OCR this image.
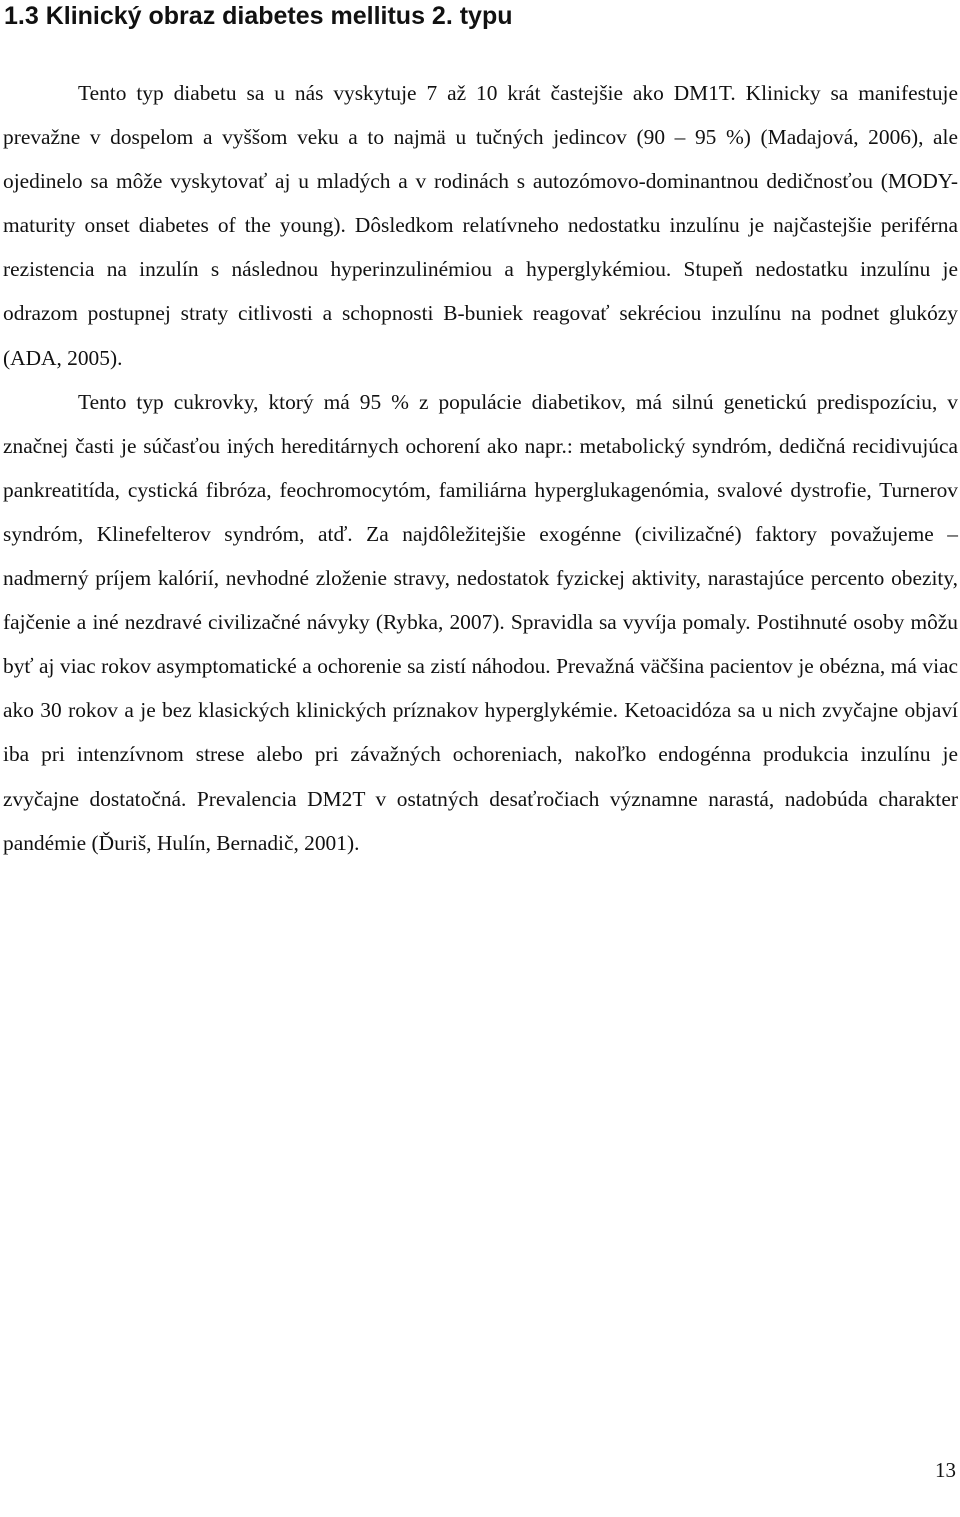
1.3 Klinický obraz diabetes mellitus 2. typu

Tento typ diabetu sa u nás vyskytuje 7 až 10 krát častejšie ako DM1T. Klinicky sa manifestuje prevažne v dospelom a vyššom veku a to najmä u tučných jedincov (90 – 95 %) (Madajová, 2006), ale ojedinelo sa môže vyskytovať aj u mladých a v rodinách s autozómovo-dominantnou dedičnosťou (MODY-maturity onset diabetes of the young). Dôsledkom relatívneho nedostatku inzulínu je najčastejšie periférna rezistencia na inzulín s následnou hyperinzulinémiou a hyperglykémiou. Stupeň nedostatku inzulínu je odrazom postupnej straty citlivosti a schopnosti B-buniek reagovať sekréciou inzulínu na podnet glukózy (ADA, 2005).

Tento typ cukrovky, ktorý má 95 % z populácie diabetikov, má silnú genetickú predispozíciu, v značnej časti je súčasťou iných hereditárnych ochorení ako napr.: metabolický syndróm, dedičná recidivujúca pankreatitída, cystická fibróza, feochromocytóm, familiárna hyperglukagenómia, svalové dystrofie, Turnerov syndróm, Klinefelterov syndróm, atď. Za najdôležitejšie exogénne (civilizačné) faktory považujeme – nadmerný príjem kalórií, nevhodné zloženie stravy, nedostatok fyzickej aktivity, narastajúce percento obezity, fajčenie a iné nezdravé civilizačné návyky (Rybka, 2007). Spravidla sa vyvíja pomaly. Postihnuté osoby môžu byť aj viac rokov asymptomatické a ochorenie sa zistí náhodou. Prevažná väčšina pacientov je obézna, má viac ako 30 rokov a je bez klasických klinických príznakov hyperglykémie. Ketoacidóza sa u nich zvyčajne objaví iba pri intenzívnom strese alebo pri závažných ochoreniach, nakoľko endogénna produkcia inzulínu je zvyčajne dostatočná. Prevalencia DM2T v ostatných desaťročiach významne narastá, nadobúda charakter pandémie (Ďuriš, Hulín, Bernadič, 2001).

13
